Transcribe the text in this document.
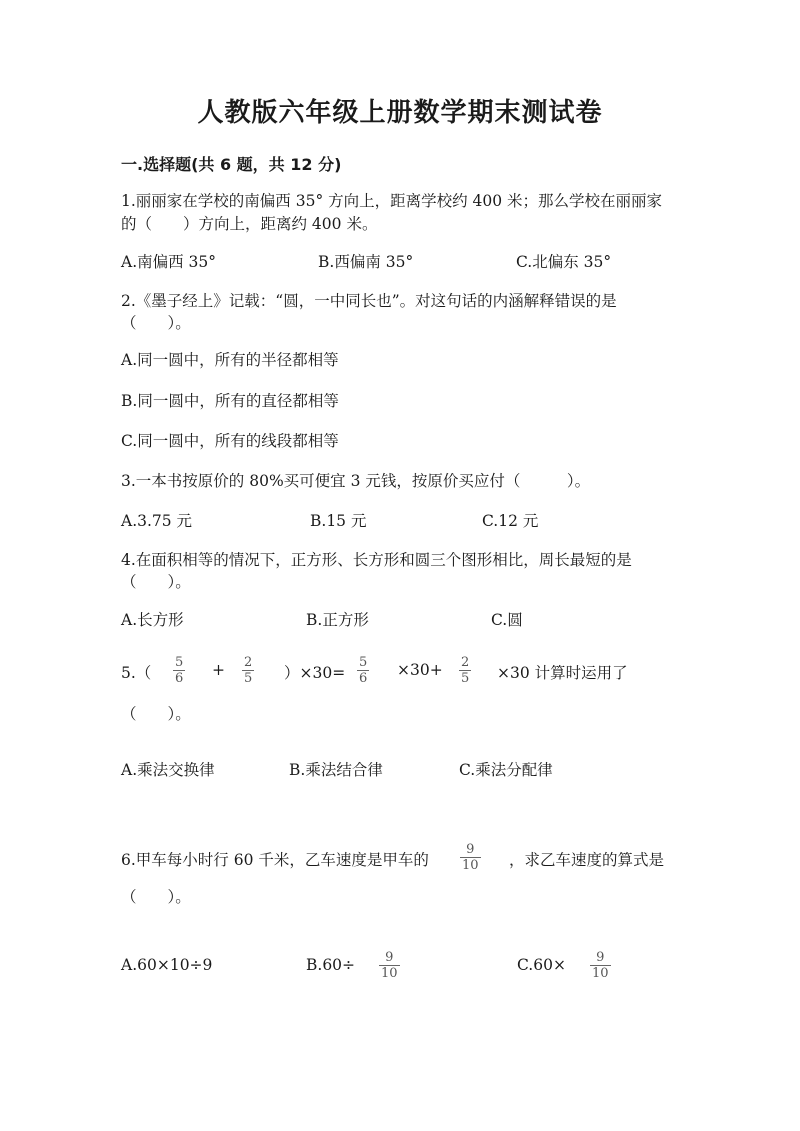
人教版六年级上册数学期末测试卷
一.选择题(共 6 题，共 12 分)
1.丽丽家在学校的南偏西 35° 方向上，距离学校约 400 米；那么学校在丽丽家
的（　　）方向上，距离约 400 米。
A.南偏西 35°	B.西偏南 35°	C.北偏东 35°
2.《墨子经上》记载：“圆，一中同长也”。对这句话的内涵解释错误的是
（　　）。
A.同一圆中，所有的半径都相等
B.同一圆中，所有的直径都相等
C.同一圆中，所有的线段都相等
3.一本书按原价的 80%买可便宜 3 元钱，按原价买应付（　　　）。
A.3.75 元	B.15 元	C.12 元
4.在面积相等的情况下，正方形、长方形和圆三个图形相比，周长最短的是
（　　）。
A.长方形	B.正方形	C.圆
$5.( \frac{5}{6} + \frac{2}{5} )\times 30= \frac{5}{6} \times 30+ \frac{2}{5} \times 30$ 计算时运用了
（　　）。
A.乘法交换律	B.乘法结合律	C.乘法分配律
6.甲车每小时行 60 千米，乙车速度是甲车的 $\frac{9}{10}$ ，求乙车速度的算式是
（　　）。
A.60×10÷9	$B.60\div \frac{9}{10}$	$C.60\times \frac{9}{10}$
